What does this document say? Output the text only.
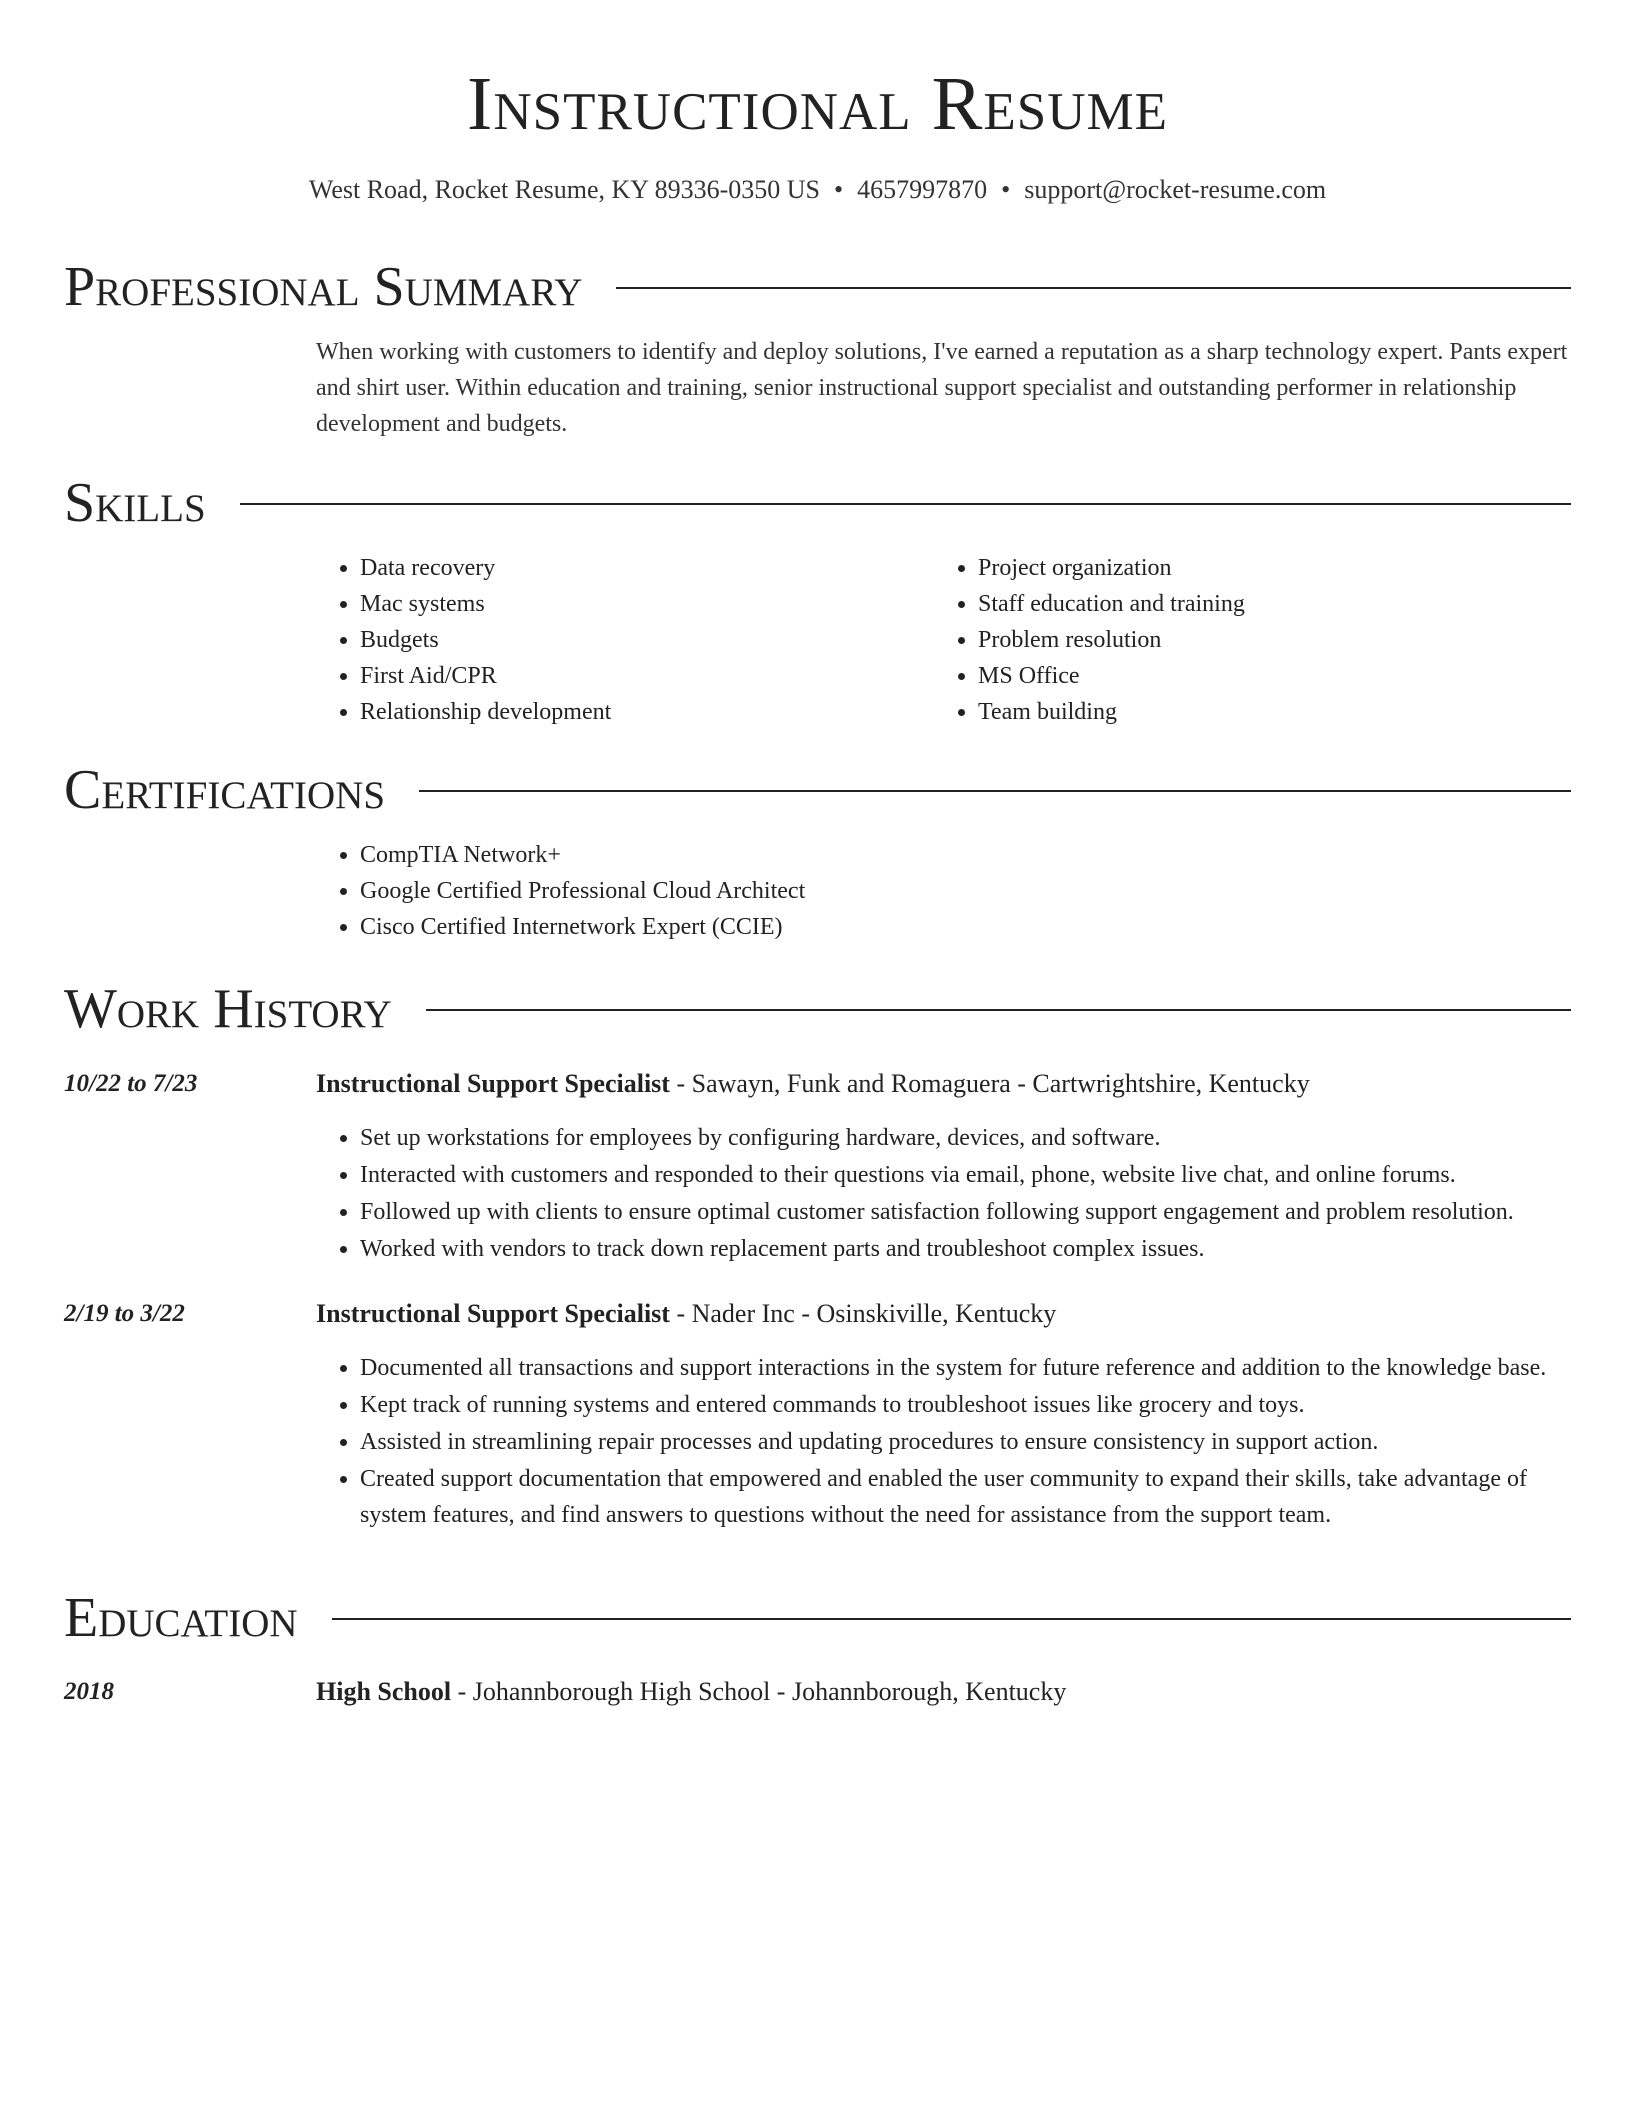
Instructional Resume
West Road, Rocket Resume, KY 89336-0350 US • 4657997870 • support@rocket-resume.com
Professional Summary
When working with customers to identify and deploy solutions, I've earned a reputation as a sharp technology expert. Pants expert and shirt user. Within education and training, senior instructional support specialist and outstanding performer in relationship development and budgets.
Skills
• Data recovery
• Mac systems
• Budgets
• First Aid/CPR
• Relationship development
• Project organization
• Staff education and training
• Problem resolution
• MS Office
• Team building
Certifications
• CompTIA Network+
• Google Certified Professional Cloud Architect
• Cisco Certified Internetwork Expert (CCIE)
Work History
10/22 to 7/23	Instructional Support Specialist - Sawayn, Funk and Romaguera - Cartwrightshire, Kentucky
• Set up workstations for employees by configuring hardware, devices, and software.
• Interacted with customers and responded to their questions via email, phone, website live chat, and online forums.
• Followed up with clients to ensure optimal customer satisfaction following support engagement and problem resolution.
• Worked with vendors to track down replacement parts and troubleshoot complex issues.
2/19 to 3/22	Instructional Support Specialist - Nader Inc - Osinskiville, Kentucky
• Documented all transactions and support interactions in the system for future reference and addition to the knowledge base.
• Kept track of running systems and entered commands to troubleshoot issues like grocery and toys.
• Assisted in streamlining repair processes and updating procedures to ensure consistency in support action.
• Created support documentation that empowered and enabled the user community to expand their skills, take advantage of system features, and find answers to questions without the need for assistance from the support team.
Education
2018	High School - Johannborough High School - Johannborough, Kentucky
